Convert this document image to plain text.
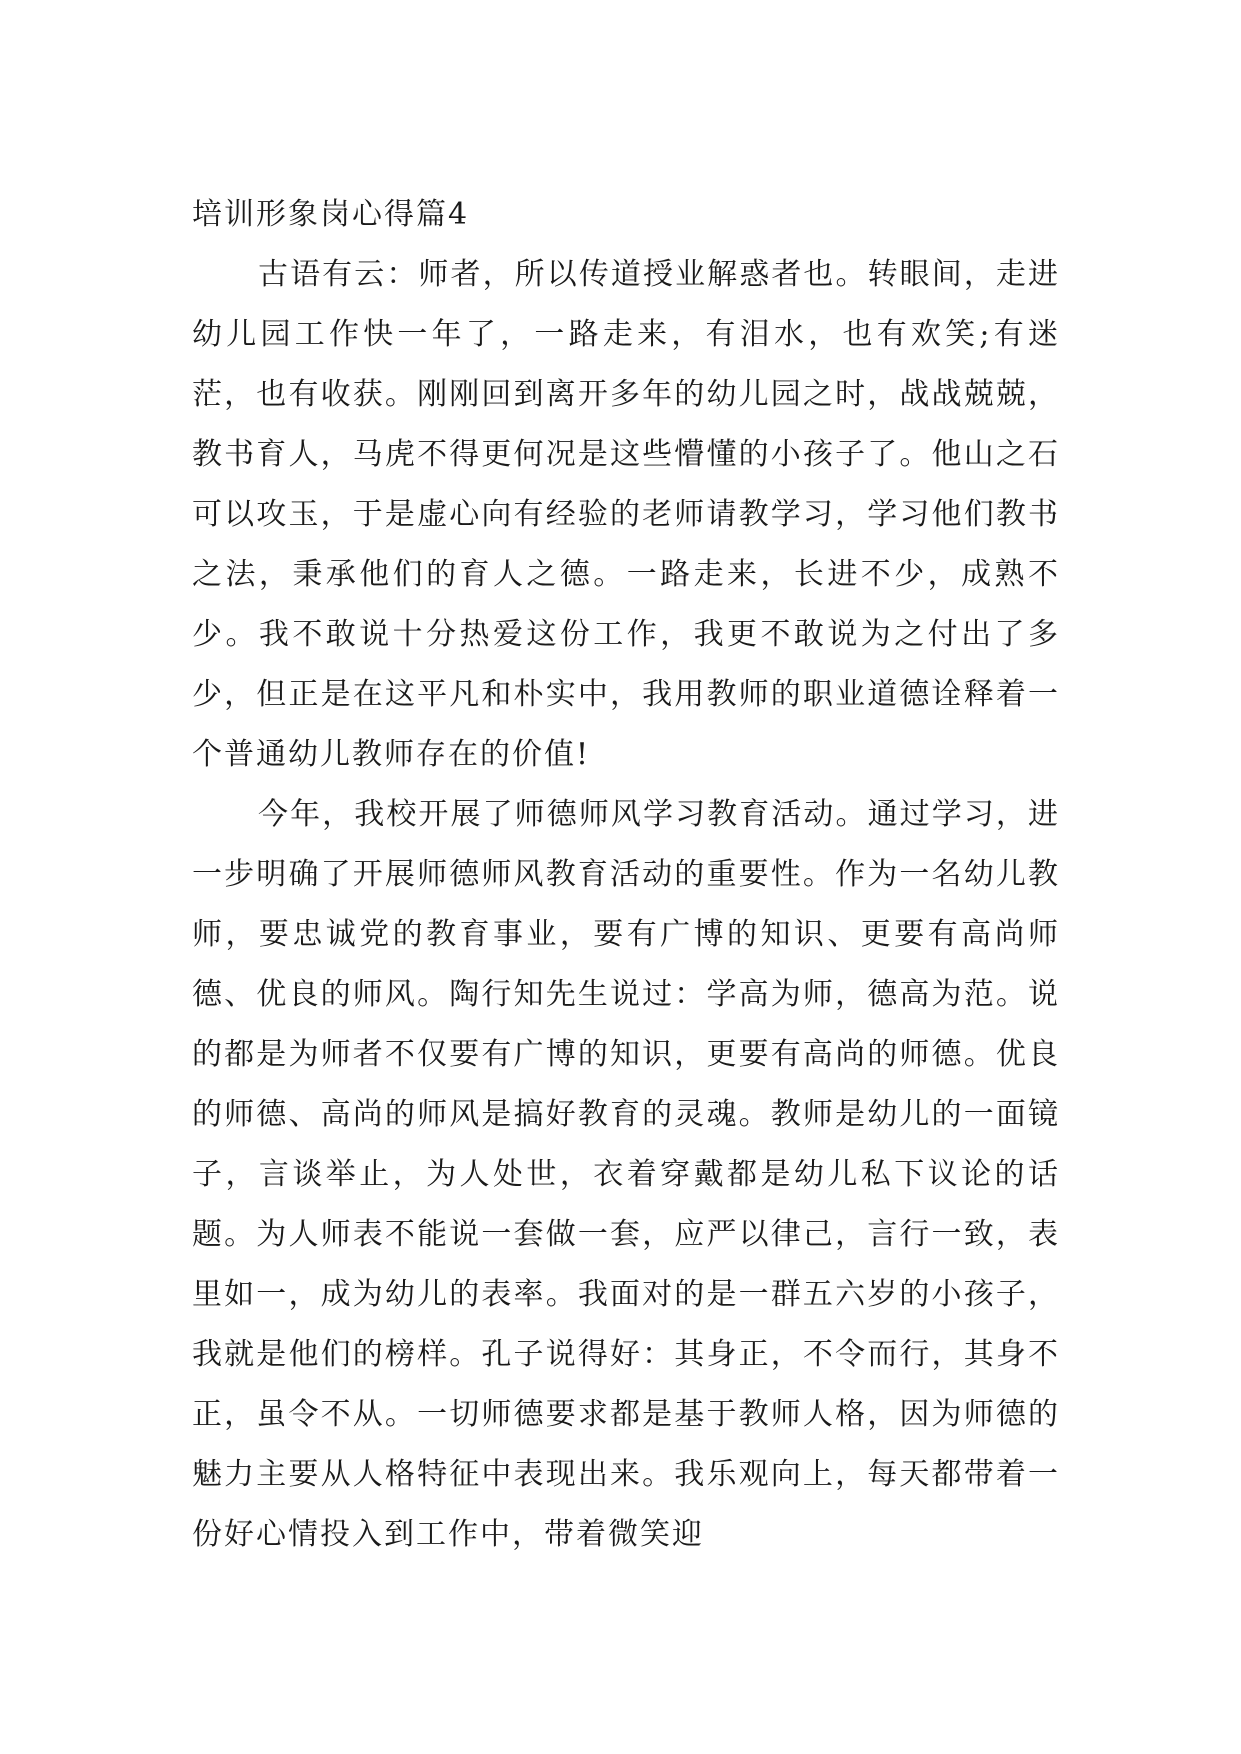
培训形象岗心得篇4

古语有云：师者，所以传道授业解惑者也。转眼间，走进幼儿园工作快一年了，一路走来，有泪水，也有欢笑;有迷茫，也有收获。刚刚回到离开多年的幼儿园之时，战战兢兢，教书育人，马虎不得更何况是这些懵懂的小孩子了。他山之石可以攻玉，于是虚心向有经验的老师请教学习，学习他们教书之法，秉承他们的育人之德。一路走来，长进不少，成熟不少。我不敢说十分热爱这份工作，我更不敢说为之付出了多少，但正是在这平凡和朴实中，我用教师的职业道德诠释着一个普通幼儿教师存在的价值!

今年，我校开展了师德师风学习教育活动。通过学习，进一步明确了开展师德师风教育活动的重要性。作为一名幼儿教师，要忠诚党的教育事业，要有广博的知识、更要有高尚师德、优良的师风。陶行知先生说过：学高为师，德高为范。说的都是为师者不仅要有广博的知识，更要有高尚的师德。优良的师德、高尚的师风是搞好教育的灵魂。教师是幼儿的一面镜子，言谈举止，为人处世，衣着穿戴都是幼儿私下议论的话题。为人师表不能说一套做一套，应严以律己，言行一致，表里如一，成为幼儿的表率。我面对的是一群五六岁的小孩子，我就是他们的榜样。孔子说得好：其身正，不令而行，其身不正，虽令不从。一切师德要求都是基于教师人格，因为师德的魅力主要从人格特征中表现出来。我乐观向上，每天都带着一份好心情投入到工作中，带着微笑迎
